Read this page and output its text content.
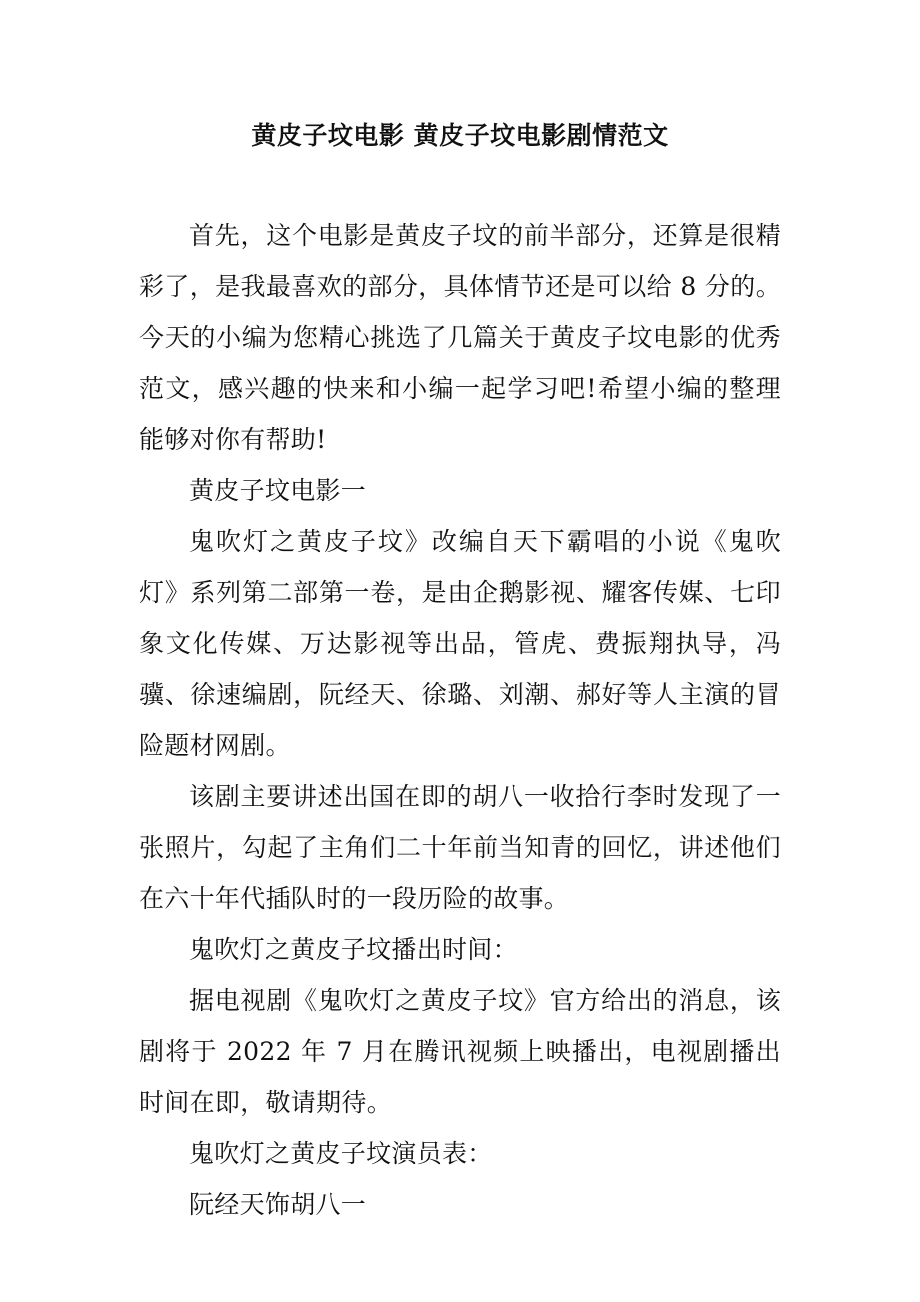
黄皮子坟电影 黄皮子坟电影剧情范文

首先，这个电影是黄皮子坟的前半部分，还算是很精彩了，是我最喜欢的部分，具体情节还是可以给 8 分的。今天的小编为您精心挑选了几篇关于黄皮子坟电影的优秀范文，感兴趣的快来和小编一起学习吧!希望小编的整理能够对你有帮助!

黄皮子坟电影一

鬼吹灯之黄皮子坟》改编自天下霸唱的小说《鬼吹灯》系列第二部第一卷，是由企鹅影视、耀客传媒、七印象文化传媒、万达影视等出品，管虎、费振翔执导，冯骥、徐速编剧，阮经天、徐璐、刘潮、郝好等人主演的冒险题材网剧。

该剧主要讲述出国在即的胡八一收拾行李时发现了一张照片，勾起了主角们二十年前当知青的回忆，讲述他们在六十年代插队时的一段历险的故事。

鬼吹灯之黄皮子坟播出时间：

据电视剧《鬼吹灯之黄皮子坟》官方给出的消息，该剧将于 2022 年 7 月在腾讯视频上映播出，电视剧播出时间在即，敬请期待。

鬼吹灯之黄皮子坟演员表：

阮经天饰胡八一
